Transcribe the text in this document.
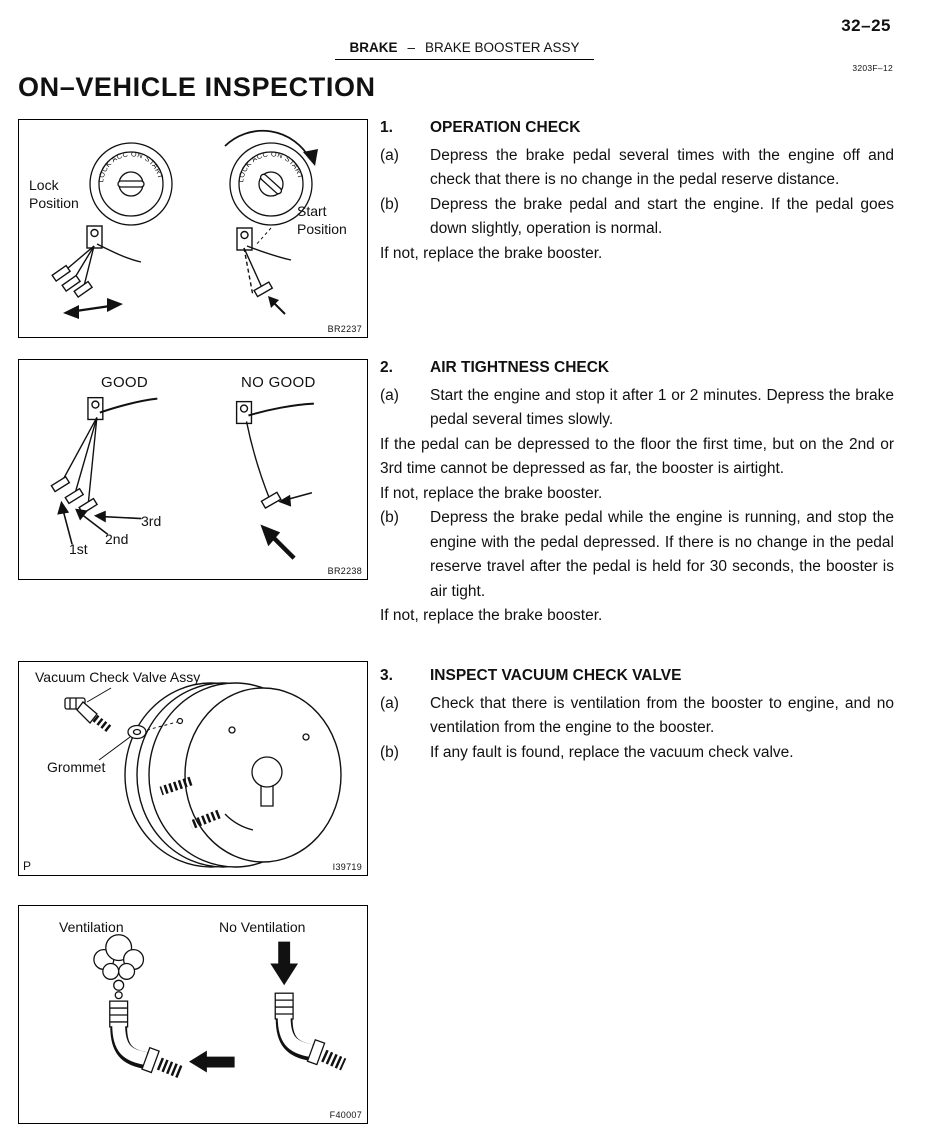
32–25
BRAKE – BRAKE BOOSTER ASSY
3203F–12
ON–VEHICLE INSPECTION
LOCK ACC ON START
LOCK ACC ON START
Lock Position	Start Position
BR2237
GOOD	NO GOOD
1st
2nd
3rd
BR2238
Vacuum Check Valve Assy
Grommet
P	I39719
Ventilation	No Ventilation
F40007
1.	OPERATION CHECK
(a)	Depress the brake pedal several times with the engine off and check that there is no change in the pedal reserve distance.
(b)	Depress the brake pedal and start the engine. If the pedal goes down slightly, operation is normal.
If not, replace the brake booster.
2.	AIR TIGHTNESS CHECK
(a)	Start the engine and stop it after 1 or 2 minutes. Depress the brake pedal several times slowly.
If the pedal can be depressed to the floor the first time, but on the 2nd or 3rd time cannot be depressed as far, the booster is airtight.
If not, replace the brake booster.
(b)	Depress the brake pedal while the engine is running, and stop the engine with the pedal depressed. If there is no change in the pedal reserve travel after the pedal is held for 30 seconds, the booster is air tight.
If not, replace the brake booster.
3.	INSPECT VACUUM CHECK VALVE
(a)	Check that there is ventilation from the booster to engine, and no ventilation from the engine to the booster.
(b)	If any fault is found, replace the vacuum check valve.
